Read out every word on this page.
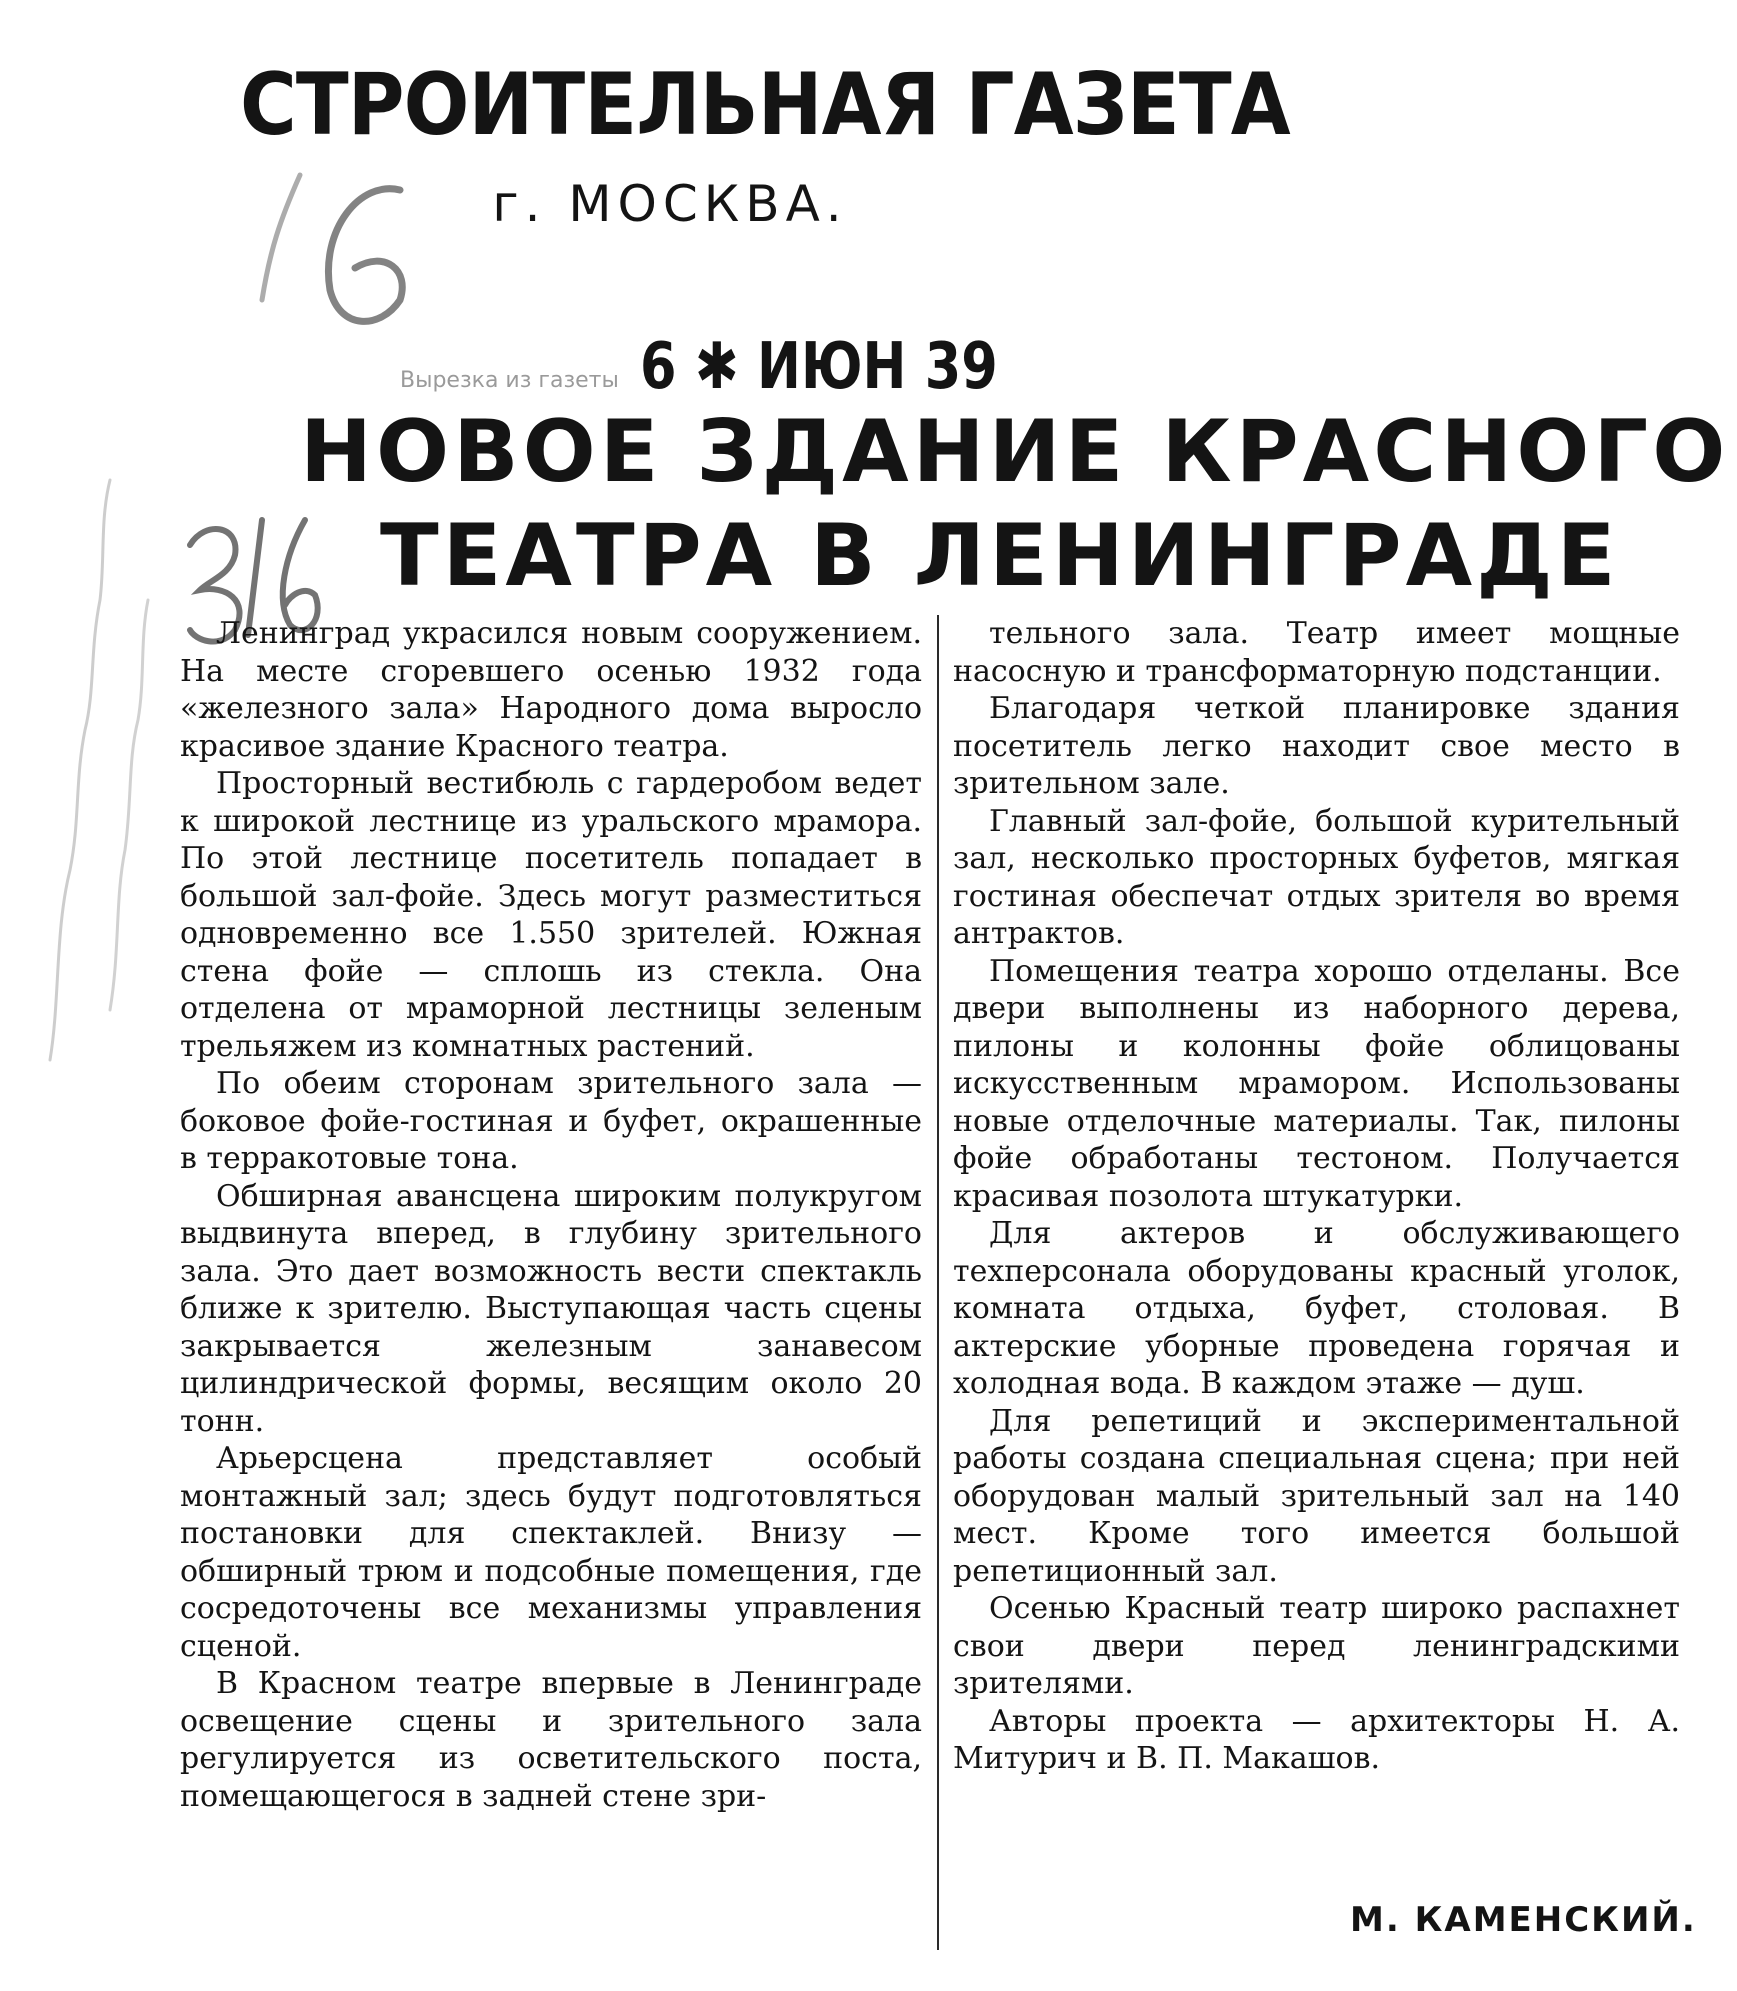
СТРОИТЕЛЬНАЯ ГАЗЕТА
г. МОСКВА.
Вырезка из газеты 6 ✱ ИЮН 39
НОВОЕ ЗДАНИЕ КРАСНОГО
ТЕАТРА В ЛЕНИНГРАДЕ

Ленинград украсился новым сооружением. На месте сгоревшего осенью 1932 года «железного зала» Народного дома выросло красивое здание Красного театра.

Просторный вестибюль с гардеробом ведет к широкой лестнице из уральского мрамора. По этой лестнице посетитель попадает в большой зал-фойе. Здесь могут разместиться одновременно все 1.550 зрителей. Южная стена фойе — сплошь из стекла. Она отделена от мраморной лестницы зеленым трельяжем из комнатных растений.

По обеим сторонам зрительного зала — боковое фойе-гостиная и буфет, окрашенные в терракотовые тона.

Обширная авансцена широким полукругом выдвинута вперед, в глубину зрительного зала. Это дает возможность вести спектакль ближе к зрителю. Выступающая часть сцены закрывается железным занавесом цилиндрической формы, весящим около 20 тонн.

Арьерсцена представляет особый монтажный зал; здесь будут подготовляться постановки для спектаклей. Внизу — обширный трюм и подсобные помещения, где сосредоточены все механизмы управления сценой.

В Красном театре впервые в Ленинграде освещение сцены и зрительного зала регулируется из осветительского поста, помещающегося в задней стене зри-

тельного зала. Театр имеет мощные насосную и трансформаторную подстанции.

Благодаря четкой планировке здания посетитель легко находит свое место в зрительном зале.

Главный зал-фойе, большой курительный зал, несколько просторных буфетов, мягкая гостиная обеспечат отдых зрителя во время антрактов.

Помещения театра хорошо отделаны. Все двери выполнены из наборного дерева, пилоны и колонны фойе облицованы искусственным мрамором. Использованы новые отделочные материалы. Так, пилоны фойе обработаны тестоном. Получается красивая позолота штукатурки.

Для актеров и обслуживающего техперсонала оборудованы красный уголок, комната отдыха, буфет, столовая. В актерские уборные проведена горячая и холодная вода. В каждом этаже — душ.

Для репетиций и экспериментальной работы создана специальная сцена; при ней оборудован малый зрительный зал на 140 мест. Кроме того имеется большой репетиционный зал.

Осенью Красный театр широко распахнет свои двери перед ленинградскими зрителями.

Авторы проекта — архитекторы Н. А. Митурич и В. П. Макашов.

М. КАМЕНСКИЙ.
